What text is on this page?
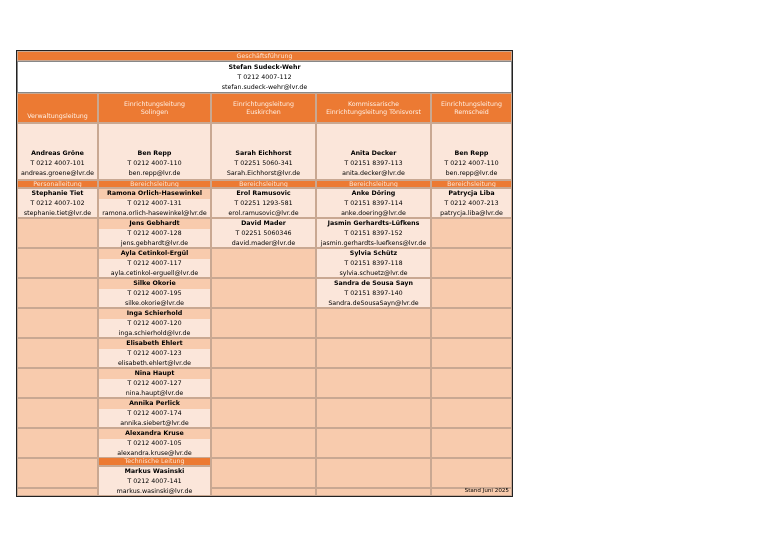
Geschäftsführung
Stefan Sudeck-Wehr
T 0212 4007-112
stefan.sudeck-wehr@lvr.de
Verwaltungsleitung
Andreas Gröne
T 0212 4007-101
andreas.groene@lvr.de
Personalleitung
Stephanie Tiet
T 0212 4007-102
stephanie.tiet@lvr.de
Einrichtungsleitung
Solingen
Ben Repp
T 0212 4007-110
ben.repp@lvr.de
Bereichsleitung
Ramona Orlich-Hasewinkel
T 0212 4007-131
ramona.orlich-hasewinkel@lvr.de
Jens Gebhardt
T 0212 4007-128
jens.gebhardt@lvr.de
Ayla Cetinkol-Ergül
T 0212 4007-117
ayla.cetinkol-erguell@lvr.de
Silke Okorie
T 0212 4007-195
silke.okorie@lvr.de
Inga Schierhold
T 0212 4007-120
inga.schierhold@lvr.de
Elisabeth Ehlert
T 0212 4007-123
elisabeth.ehlert@lvr.de
Nina Haupt
T 0212 4007-127
nina.haupt@lvr.de
Annika Perlick
T 0212 4007-174
annika.siebert@lvr.de
Alexandra Kruse
T 0212 4007-105
alexandra.kruse@lvr.de
Einrichtungsleitung
Euskirchen
Sarah Eichhorst
T 02251 5060-341
Sarah.Eichhorst@lvr.de
Bereichsleitung
Erol Ramusovic
T 02251 1293-581
erol.ramusovic@lvr.de
David Mader
T 02251 5060346
david.mader@lvr.de
Kommissarische
Einrichtungsleitung Tönisvorst
Anita Decker
T 02151 8397-113
anita.decker@lvr.de
Bereichsleitung
Anke Döring
T 02151 8397-114
anke.doering@lvr.de
Jasmin Gerhardts-Lüfkens
T 02151 8397-152
jasmin.gerhardts-luefkens@lvr.de
Sylvia Schütz
T 02151 8397-118
sylvia.schuetz@lvr.de
Sandra de Sousa Sayn
T 02151 8397-140
Sandra.deSousaSayn@lvr.de
Einrichtungsleitung
Remscheid
Ben Repp
T 0212 4007-110
ben.repp@lvr.de
Bereichsleitung
Patrycja Liba
T 0212 4007-213
patrycja.liba@lvr.de
Technische Leitung
Markus Wasinski
T 0212 4007-141
markus.wasinski@lvr.de	Stand Juni 2025
